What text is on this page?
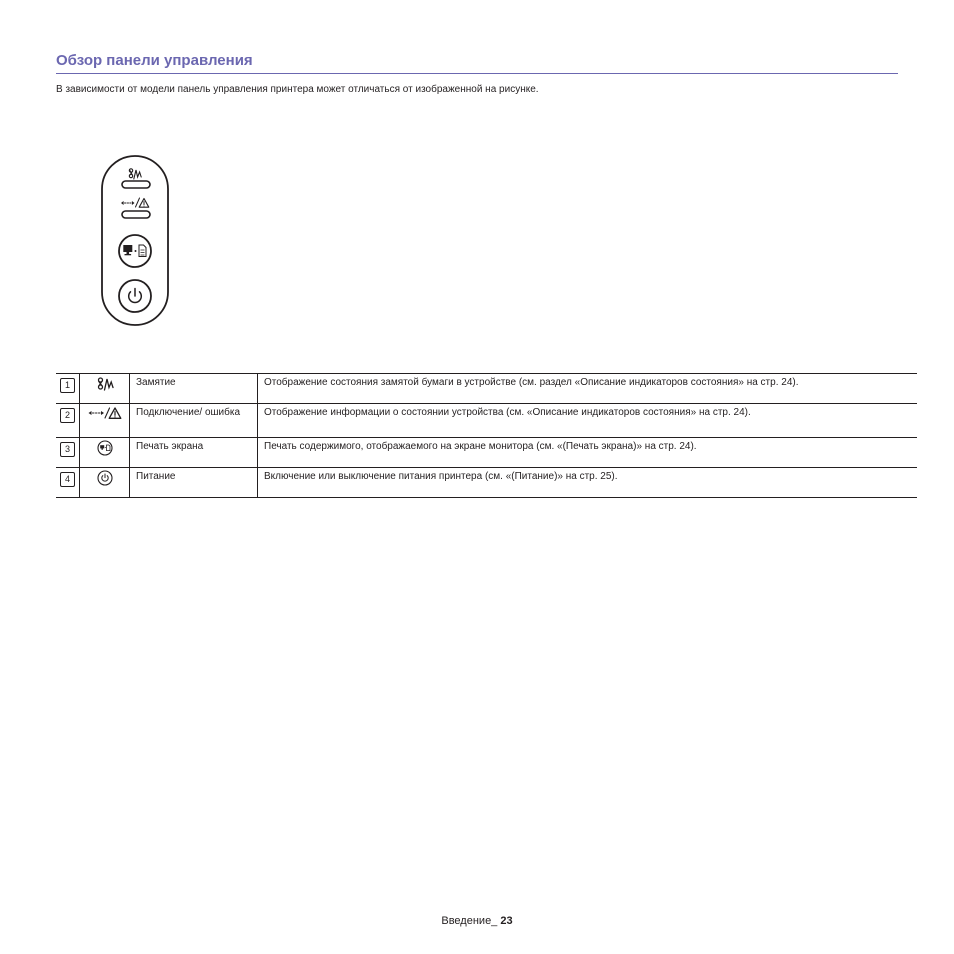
Обзор панели управления

В зависимости от модели панель управления принтера может отличаться от изображенной на рисунке.

1		Замятие	Отображение состояния замятой бумаги в устройстве (см. раздел «Описание индикаторов состояния» на стр. 24).
2		Подключение/ ошибка	Отображение информации о состоянии устройства (см. «Описание индикаторов состояния» на стр. 24).
3		Печать экрана	Печать содержимого, отображаемого на экране монитора (см. «(Печать экрана)» на стр. 24).
4		Питание	Включение или выключение питания принтера (см. «(Питание)» на стр. 25).
Введение_ 23
